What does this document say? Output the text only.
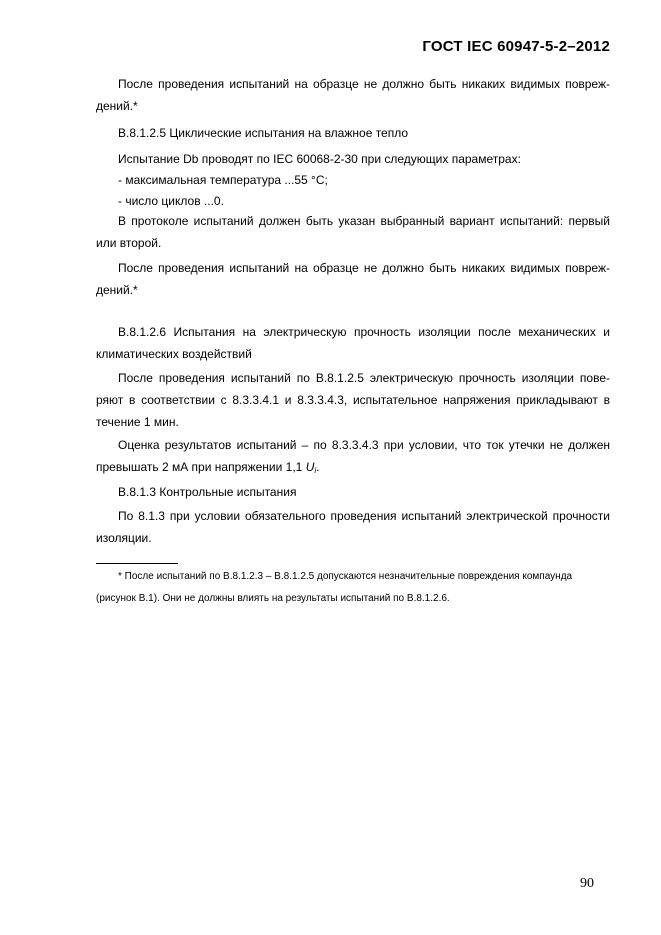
ГОСТ IEC 60947-5-2–2012
После проведения испытаний на образце не должно быть никаких видимых повреж-
дений.*
В.8.1.2.5 Циклические испытания на влажное тепло
Испытание Db проводят по IEC 60068-2-30 при следующих параметрах:
- максимальная температура ...55 °C;
- число циклов ...0.
В протоколе испытаний должен быть указан выбранный вариант испытаний: первый
или второй.
После проведения испытаний на образце не должно быть никаких видимых повреж-
дений.*
В.8.1.2.6 Испытания на электрическую прочность изоляции после механических и
климатических воздействий
После проведения испытаний по В.8.1.2.5 электрическую прочность изоляции пове-
ряют в соответствии с 8.3.3.4.1 и 8.3.3.4.3, испытательное напряжения прикладывают в
течение 1 мин.
Оценка результатов испытаний – по 8.3.3.4.3 при условии, что ток утечки не должен
превышать 2 мА при напряжении 1,1 $U_i$.
В.8.1.3 Контрольные испытания
По 8.1.3 при условии обязательного проведения испытаний электрической прочности
изоляции.
* После испытаний по В.8.1.2.3 – В.8.1.2.5 допускаются незначительные повреждения компаунда
(рисунок В.1). Они не должны влиять на результаты испытаний по В.8.1.2.6.
90
